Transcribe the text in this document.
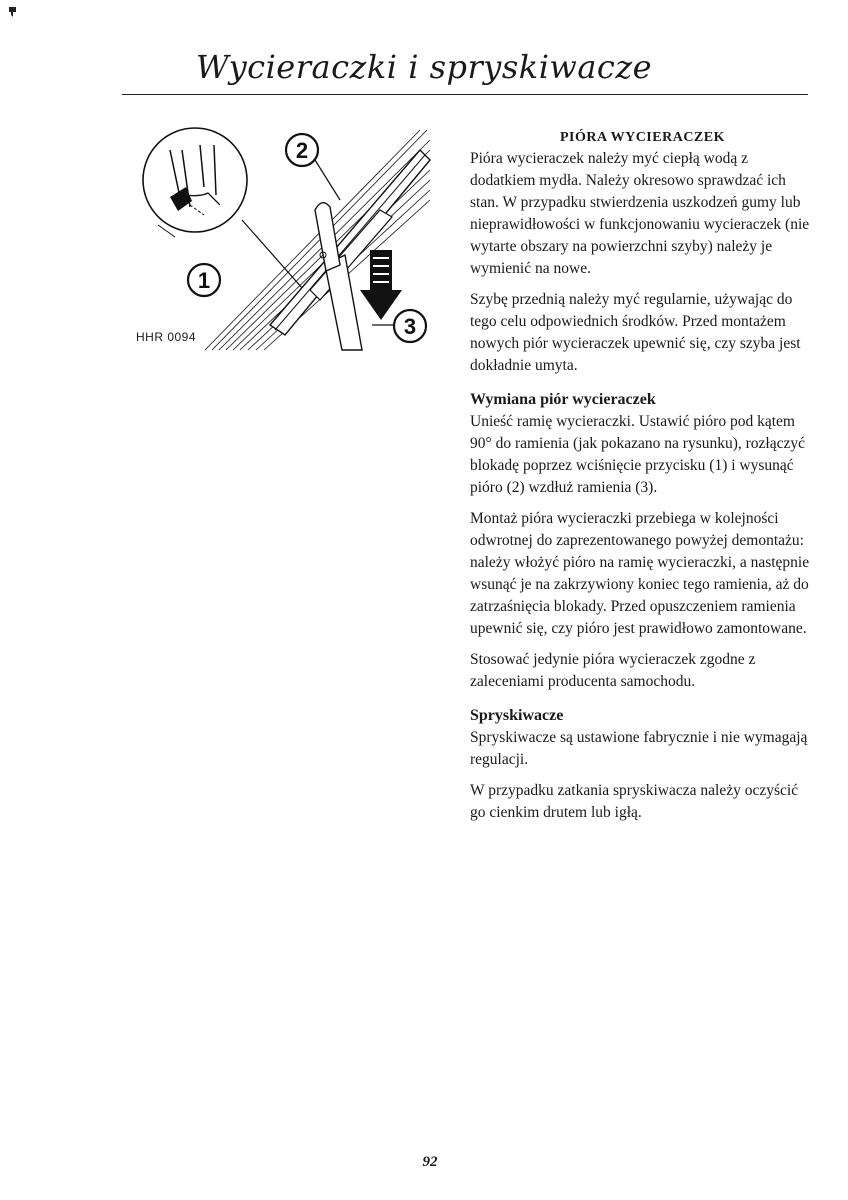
Wycieraczki i spryskiwacze
2
1
3
HHR 0094
PIÓRA WYCIERACZEK

Pióra wycieraczek należy myć ciepłą wodą z dodatkiem mydła. Należy okresowo sprawdzać ich stan. W przypadku stwierdzenia uszkodzeń gumy lub nieprawidłowości w funkcjonowaniu wycieraczek (nie wytarte obszary na powierzchni szyby) należy je wymienić na nowe.

Szybę przednią należy myć regularnie, używając do tego celu odpowiednich środków. Przed montażem nowych piór wycieraczek upewnić się, czy szyba jest dokładnie umyta.

Wymiana piór wycieraczek

Unieść ramię wycieraczki. Ustawić pióro pod kątem 90° do ramienia (jak pokazano na rysunku), rozłączyć blokadę poprzez wciśnięcie przycisku (1) i wysunąć pióro (2) wzdłuż ramienia (3).

Montaż pióra wycieraczki przebiega w kolejności odwrotnej do zaprezentowanego powyżej demontażu: należy włożyć pióro na ramię wycieraczki, a następnie wsunąć je na zakrzywiony koniec tego ramienia, aż do zatrzaśnięcia blokady. Przed opuszczeniem ramienia upewnić się, czy pióro jest prawidłowo zamontowane.

Stosować jedynie pióra wycieraczek zgodne z zaleceniami producenta samochodu.

Spryskiwacze

Spryskiwacze są ustawione fabrycznie i nie wymagają regulacji.

W przypadku zatkania spryskiwacza należy oczyścić go cienkim drutem lub igłą.

92
